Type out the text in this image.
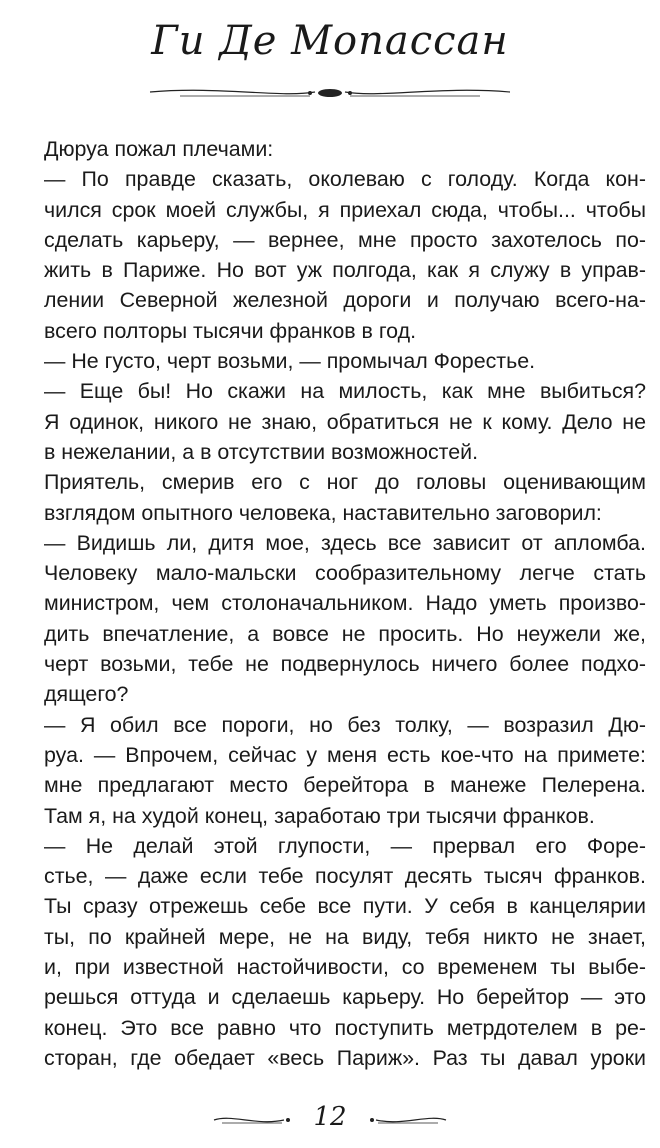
Ги Де Мопассан
Дюруа пожал плечами:
— По правде сказать, околеваю с голоду. Когда кон-
чился срок моей службы, я приехал сюда, чтобы... чтобы
сделать карьеру, — вернее, мне просто захотелось по-
жить в Париже. Но вот уж полгода, как я служу в управ-
лении Северной железной дороги и получаю всего-на-
всего полторы тысячи франков в год.
— Не густо, черт возьми, — промычал Форестье.
— Еще бы! Но скажи на милость, как мне выбиться?
Я одинок, никого не знаю, обратиться не к кому. Дело не
в нежелании, а в отсутствии возможностей.
Приятель, смерив его с ног до головы оценивающим
взглядом опытного человека, наставительно заговорил:
— Видишь ли, дитя мое, здесь все зависит от апломба.
Человеку мало-мальски сообразительному легче стать
министром, чем столоначальником. Надо уметь произво-
дить впечатление, а вовсе не просить. Но неужели же,
черт возьми, тебе не подвернулось ничего более подхо-
дящего?
— Я обил все пороги, но без толку, — возразил Дю-
руа. — Впрочем, сейчас у меня есть кое-что на примете:
мне предлагают место берейтора в манеже Пелерена.
Там я, на худой конец, заработаю три тысячи франков.
— Не делай этой глупости, — прервал его Форе-
стье, — даже если тебе посулят десять тысяч франков.
Ты сразу отрежешь себе все пути. У себя в канцелярии
ты, по крайней мере, не на виду, тебя никто не знает,
и, при известной настойчивости, со временем ты выбе-
решься оттуда и сделаешь карьеру. Но берейтор — это
конец. Это все равно что поступить метрдотелем в ре-
сторан, где обедает «весь Париж». Раз ты давал уроки
12
